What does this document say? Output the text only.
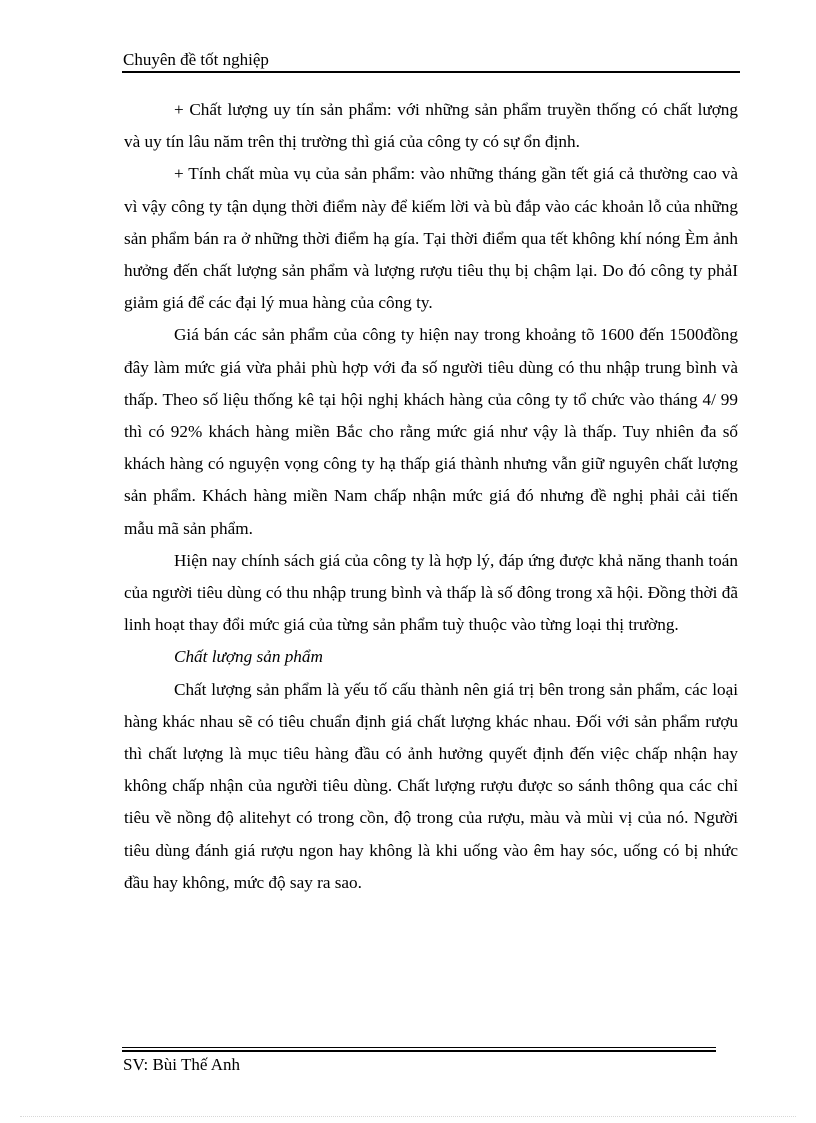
Chuyên đề tốt nghiệp

+ Chất lượng uy tín sản phẩm: với những sản phẩm truyền thống có chất lượng và uy tín lâu năm trên thị trường thì giá của công ty có sự ổn định.

+ Tính chất mùa vụ của sản phẩm: vào những tháng gần tết giá cả thường cao và vì vậy công ty tận dụng thời điểm này để kiếm lời và bù đắp vào các khoản lỗ của những sản phẩm bán ra ở những thời điểm hạ gía. Tại thời điểm qua tết không khí nóng Èm ảnh hưởng đến chất lượng sản phẩm và lượng rượu tiêu thụ bị chậm lại. Do đó công ty phảI giảm giá để các đại lý mua hàng của công ty.

Giá bán các sản phẩm của công ty hiện nay trong khoảng tõ 1600 đến 1500đồng đây làm mức giá vừa phải phù hợp với đa số người tiêu dùng có thu nhập trung bình và thấp. Theo số liệu thống kê tại hội nghị khách hàng của công ty tổ chức vào tháng 4/ 99 thì có 92% khách hàng miền Bắc cho rằng mức giá như vậy là thấp. Tuy nhiên đa số khách hàng có nguyện vọng công ty hạ thấp giá thành nhưng vẫn giữ nguyên chất lượng sản phẩm. Khách hàng miền Nam chấp nhận mức giá đó nhưng đề nghị phải cải tiến mẫu mã sản phẩm.

Hiện nay chính sách giá của công ty là hợp lý, đáp ứng được khả năng thanh toán của người tiêu dùng có thu nhập trung bình và thấp là số đông trong xã hội. Đồng thời đã linh hoạt thay đổi mức giá của từng sản phẩm tuỳ thuộc vào từng loại thị trường.

Chất lượng sản phẩm

Chất lượng sản phẩm là yếu tố cấu thành nên giá trị bên trong sản phẩm, các loại hàng khác nhau sẽ có tiêu chuẩn định giá chất lượng khác nhau. Đối với sản phẩm rượu thì chất lượng là mục tiêu hàng đầu có ảnh hưởng quyết định đến việc chấp nhận hay không chấp nhận của người tiêu dùng. Chất lượng rượu được so sánh thông qua các chỉ tiêu về nồng độ alitehyt có trong cồn, độ trong của rượu, màu và mùi vị của nó. Người tiêu dùng đánh giá rượu ngon hay không là khi uống vào êm hay sóc, uống có bị nhức đầu hay không, mức độ say ra sao.

SV: Bùi Thế Anh
